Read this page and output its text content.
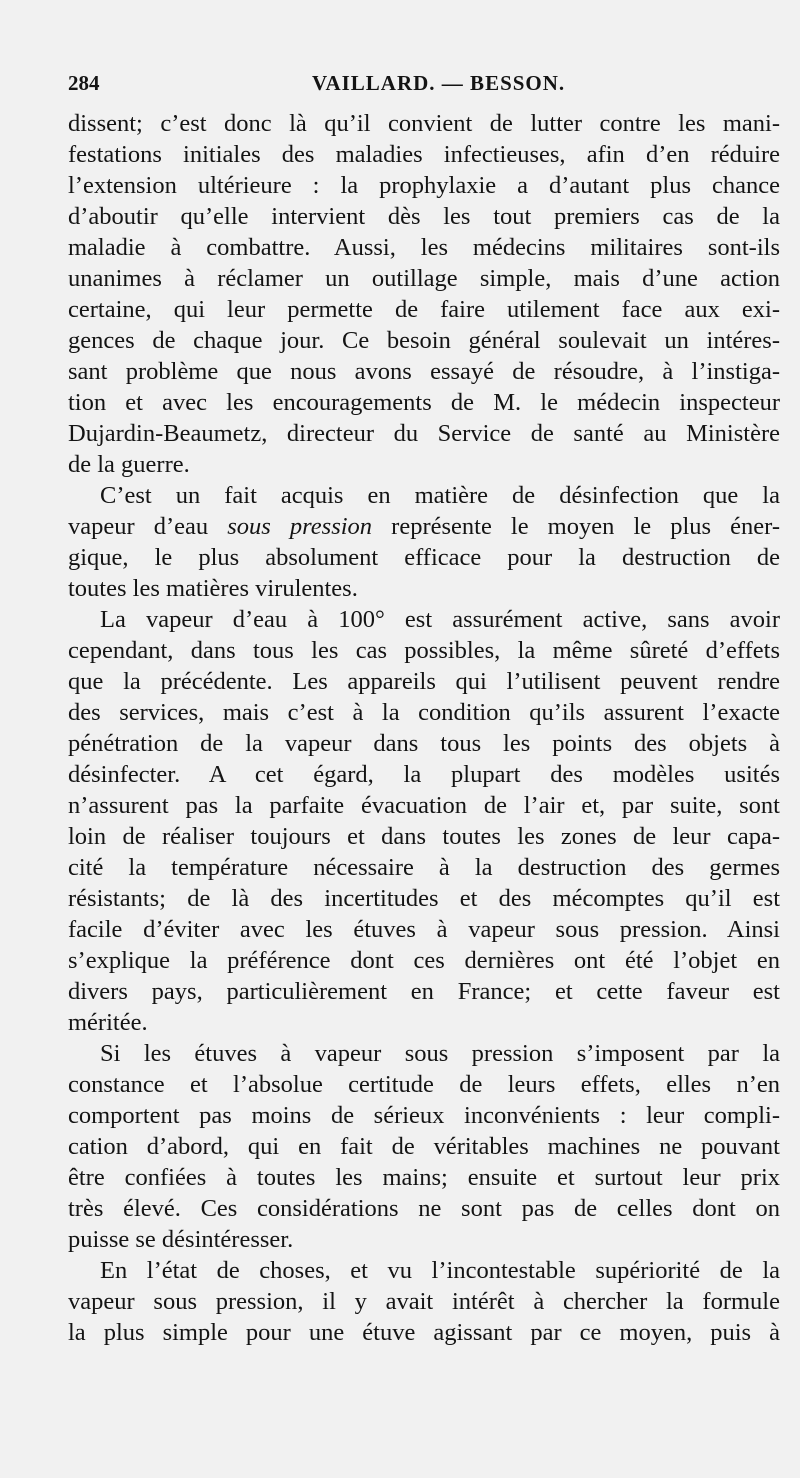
284	VAILLARD. — BESSON.
dissent; c’est donc là qu’il convient de lutter contre les mani-
festations initiales des maladies infectieuses, afin d’en réduire
l’extension ultérieure : la prophylaxie a d’autant plus chance
d’aboutir qu’elle intervient dès les tout premiers cas de la
maladie à combattre. Aussi, les médecins militaires sont-ils
unanimes à réclamer un outillage simple, mais d’une action
certaine, qui leur permette de faire utilement face aux exi-
gences de chaque jour. Ce besoin général soulevait un intéres-
sant problème que nous avons essayé de résoudre, à l’instiga-
tion et avec les encouragements de M. le médecin inspecteur
Dujardin-Beaumetz, directeur du Service de santé au Ministère
de la guerre.
C’est un fait acquis en matière de désinfection que la
vapeur d’eau sous pression représente le moyen le plus éner-
gique, le plus absolument efficace pour la destruction de
toutes les matières virulentes.
La vapeur d’eau à 100° est assurément active, sans avoir
cependant, dans tous les cas possibles, la même sûreté d’effets
que la précédente. Les appareils qui l’utilisent peuvent rendre
des services, mais c’est à la condition qu’ils assurent l’exacte
pénétration de la vapeur dans tous les points des objets à
désinfecter. A cet égard, la plupart des modèles usités
n’assurent pas la parfaite évacuation de l’air et, par suite, sont
loin de réaliser toujours et dans toutes les zones de leur capa-
cité la température nécessaire à la destruction des germes
résistants; de là des incertitudes et des mécomptes qu’il est
facile d’éviter avec les étuves à vapeur sous pression. Ainsi
s’explique la préférence dont ces dernières ont été l’objet en
divers pays, particulièrement en France; et cette faveur est
méritée.
Si les étuves à vapeur sous pression s’imposent par la
constance et l’absolue certitude de leurs effets, elles n’en
comportent pas moins de sérieux inconvénients : leur compli-
cation d’abord, qui en fait de véritables machines ne pouvant
être confiées à toutes les mains; ensuite et surtout leur prix
très élevé. Ces considérations ne sont pas de celles dont on
puisse se désintéresser.
En l’état de choses, et vu l’incontestable supériorité de la
vapeur sous pression, il y avait intérêt à chercher la formule
la plus simple pour une étuve agissant par ce moyen, puis à
